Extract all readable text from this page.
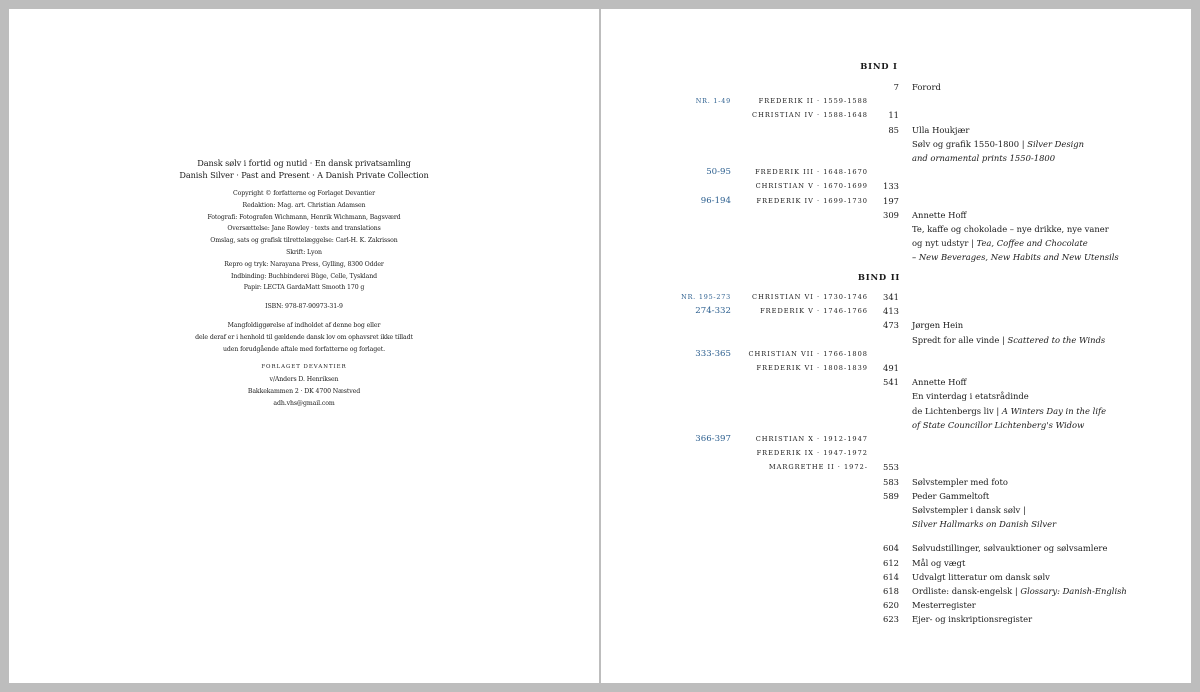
Dansk sølv i fortid og nutid · En dansk privatsamling
Danish Silver · Past and Present · A Danish Private Collection
Copyright © forfatterne og Forlaget Devantier
Redaktion: Mag. art. Christian Adamsen
Fotografi: Fotografen Wichmann, Henrik Wichmann, Bagsværd
Oversættelse: Jane Rowley · texts and translations
Omslag, sats og grafisk tilrettelæggelse: Carl-H. K. Zakrisson
Skrift: Lyon
Repro og tryk: Narayana Press, Gylling, 8300 Odder
Indbinding: Buchbinderei Büge, Celle, Tyskland
Papir: LECTA GardaMatt Smooth 170 g
ISBN: 978-87-90973-31-9
Mangfoldiggørelse af indholdet af denne bog eller
dele deraf er i henhold til gældende dansk lov om ophavsret ikke tilladt
uden forudgående aftale med forfatterne og forlaget.
FORLAGET DEVANTIER
v/Anders D. Henriksen
Bakkekammen 2 · DK 4700 Næstved
adh.vhs@gmail.com
BIND I
BIND II
7 Forord
NR. 1-49	FREDERIK II · 1559-1588
CHRISTIAN IV · 1588-1648 11
85 Ulla Houkjær
Sølv og grafik 1550-1800 | Silver Design
and ornamental prints 1550-1800
50-95	FREDERIK III · 1648-1670
CHRISTIAN V · 1670-1699 133
96-194	FREDERIK IV · 1699-1730 197
309 Annette Hoff
Te, kaffe og chokolade – nye drikke, nye vaner
og nyt udstyr | Tea, Coffee and Chocolate
– New Beverages, New Habits and New Utensils
NR. 195-273	CHRISTIAN VI · 1730-1746 341
274-332	FREDERIK V · 1746-1766 413
473 Jørgen Hein
Spredt for alle vinde | Scattered to the Winds
333-365	CHRISTIAN VII · 1766-1808
FREDERIK VI · 1808-1839 491
541 Annette Hoff
En vinterdag i etatsrådinde
de Lichtenbergs liv | A Winters Day in the life
of State Councillor Lichtenberg's Widow
366-397	CHRISTIAN X · 1912-1947
FREDERIK IX · 1947-1972
MARGRETHE II · 1972- 553
583 Sølvstempler med foto
589 Peder Gammeltoft
Sølvstempler i dansk sølv |
Silver Hallmarks on Danish Silver
604 Sølvudstillinger, sølvauktioner og sølvsamlere
612 Mål og vægt
614 Udvalgt litteratur om dansk sølv
618 Ordliste: dansk-engelsk | Glossary: Danish-English
620 Mesterregister
623 Ejer- og inskriptionsregister
